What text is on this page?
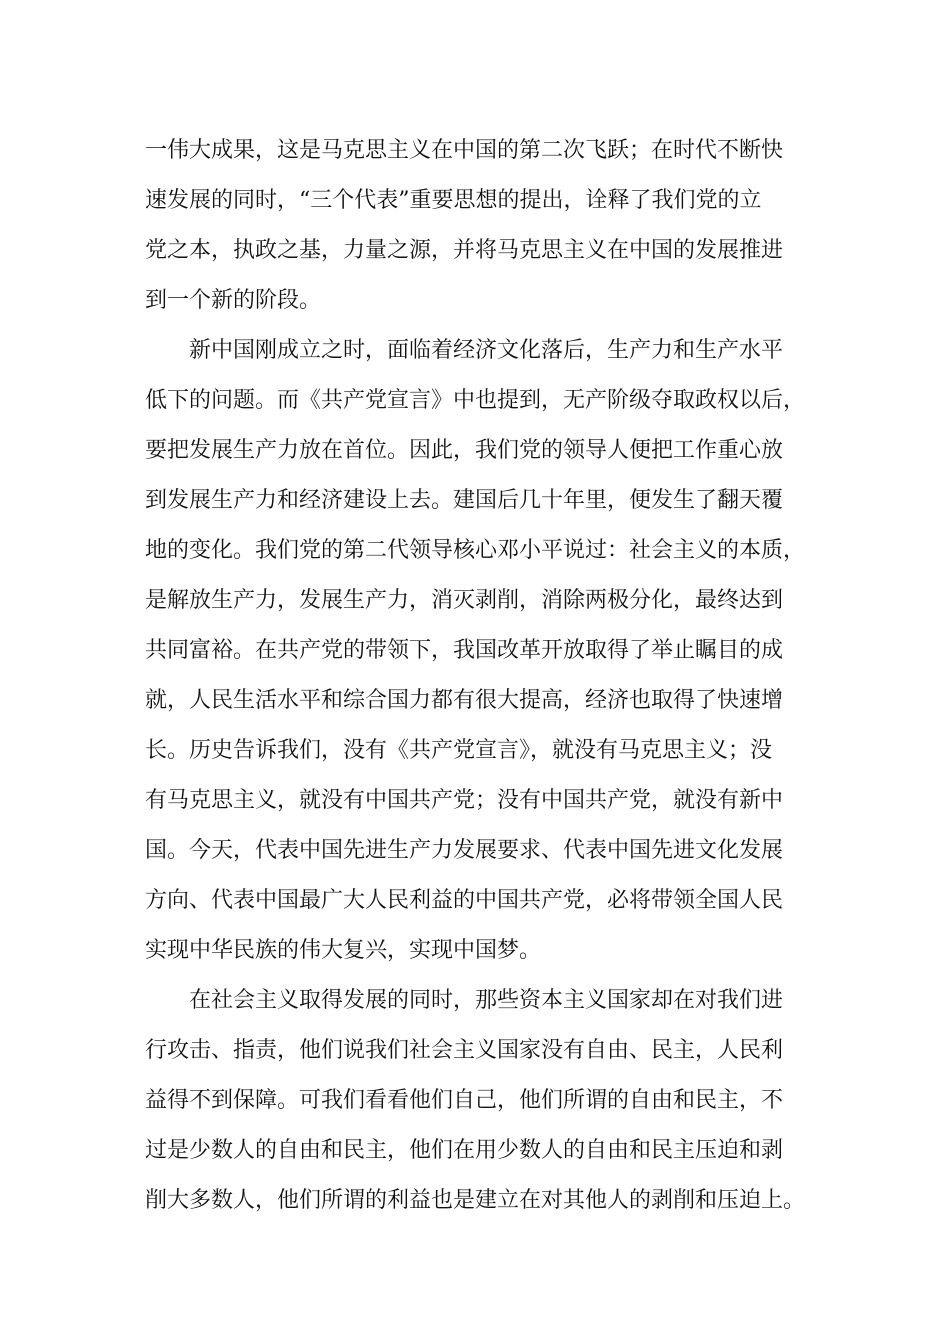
一伟大成果，这是马克思主义在中国的第二次飞跃；在时代不断快
速发展的同时，“三个代表”重要思想的提出，诠释了我们党的立
党之本，执政之基，力量之源，并将马克思主义在中国的发展推进
到一个新的阶段。
新中国刚成立之时，面临着经济文化落后，生产力和生产水平
低下的问题。而《共产党宣言》中也提到，无产阶级夺取政权以后，
要把发展生产力放在首位。因此，我们党的领导人便把工作重心放
到发展生产力和经济建设上去。建国后几十年里，便发生了翻天覆
地的变化。我们党的第二代领导核心邓小平说过：社会主义的本质，
是解放生产力，发展生产力，消灭剥削，消除两极分化，最终达到
共同富裕。在共产党的带领下，我国改革开放取得了举止瞩目的成
就，人民生活水平和综合国力都有很大提高，经济也取得了快速增
长。历史告诉我们，没有《共产党宣言》，就没有马克思主义；没
有马克思主义，就没有中国共产党；没有中国共产党，就没有新中
国。今天，代表中国先进生产力发展要求、代表中国先进文化发展
方向、代表中国最广大人民利益的中国共产党，必将带领全国人民
实现中华民族的伟大复兴，实现中国梦。
在社会主义取得发展的同时，那些资本主义国家却在对我们进
行攻击、指责，他们说我们社会主义国家没有自由、民主，人民利
益得不到保障。可我们看看他们自己，他们所谓的自由和民主，不
过是少数人的自由和民主，他们在用少数人的自由和民主压迫和剥
削大多数人，他们所谓的利益也是建立在对其他人的剥削和压迫上。
